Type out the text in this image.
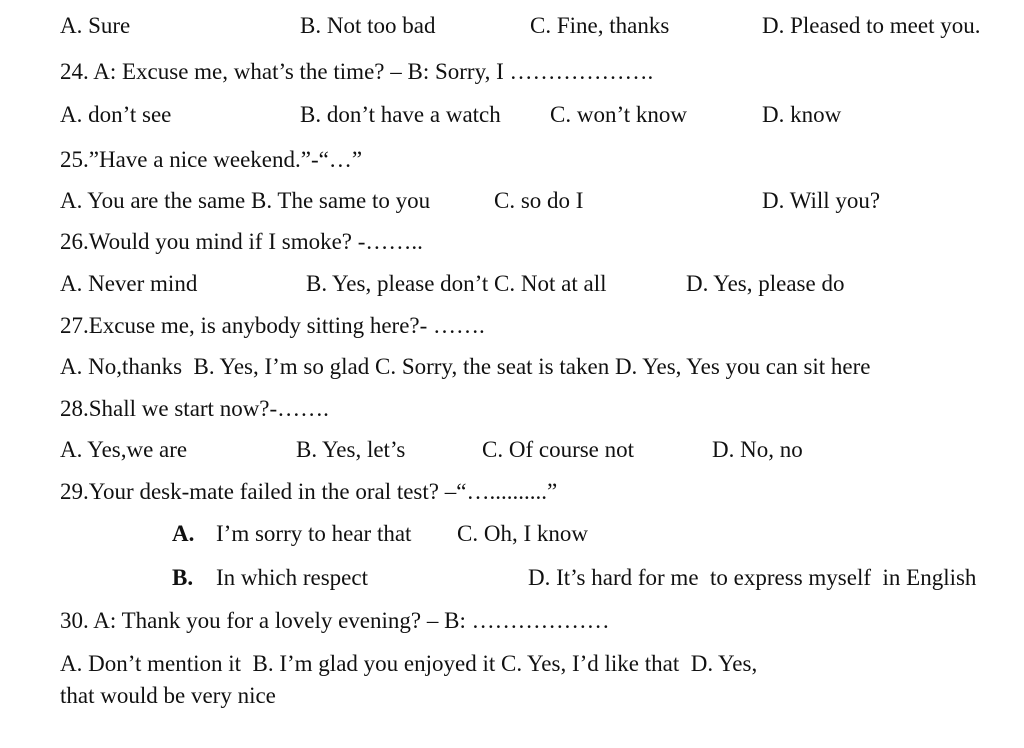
A. Sure	B. Not too bad	C. Fine, thanks	D. Pleased to meet you.
24. A: Excuse me, what’s the time? – B: Sorry, I ……………….
A. don’t see	B. don’t have a watch C. won’t know	D. know
25.”Have a nice weekend.”-“…”
A. You are the same B. The same to you	C. so do I	D. Will you?
26.Would you mind if I smoke? -……..
A. Never mind	B. Yes, please don’t C. Not at all	D. Yes, please do
27.Excuse me, is anybody sitting here?- …….
A. No,thanks  B. Yes, I’m so glad C. Sorry, the seat is taken D. Yes, Yes you can sit here
28.Shall we start now?-…….
A. Yes,we are	B. Yes, let’s	C. Of course not	D. No, no
29.Your desk-mate failed in the oral test? –“…..........”
A. I’m sorry to hear that C. Oh, I know
B. In which respect	D. It’s hard for me  to express myself  in English
30. A: Thank you for a lovely evening? – B: ………………
A. Don’t mention it  B. I’m glad you enjoyed it C. Yes, I’d like that  D. Yes,
that would be very nice
